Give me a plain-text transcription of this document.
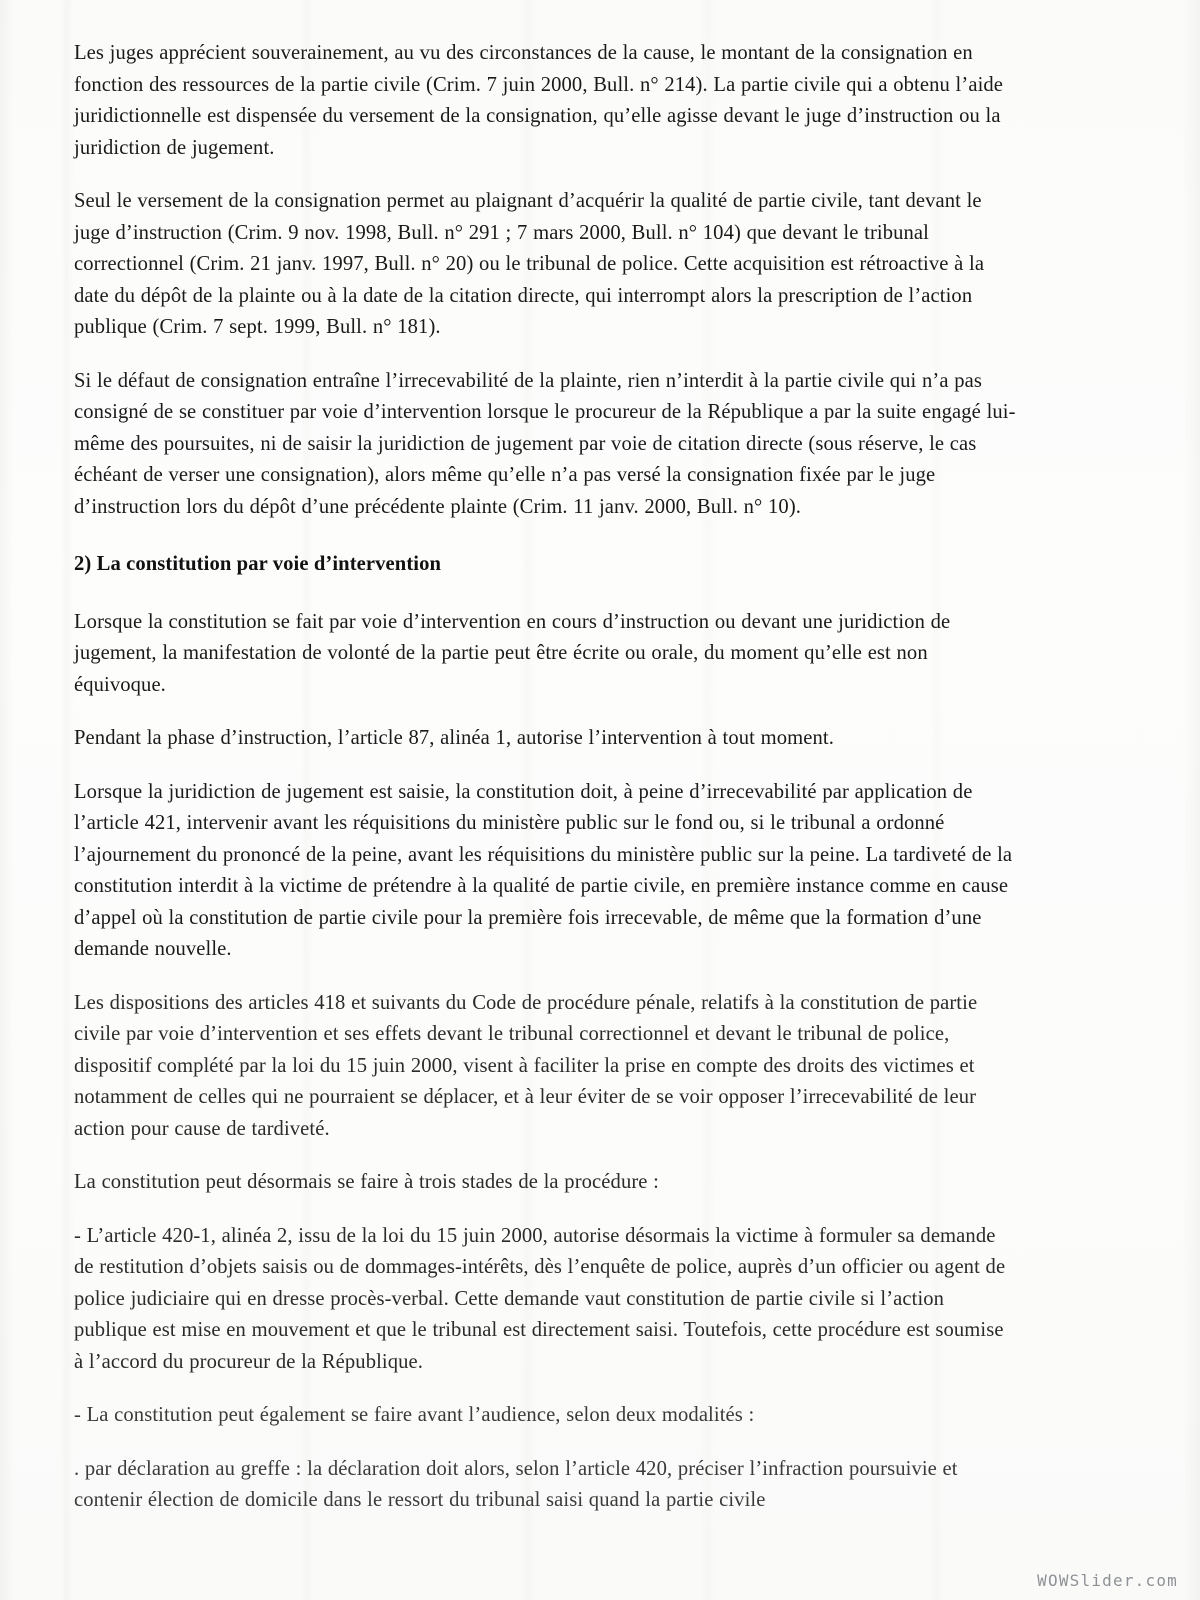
Les juges apprécient souverainement, au vu des circonstances de la cause, le montant de la consignation en fonction des ressources de la partie civile (Crim. 7 juin 2000, Bull. n° 214). La partie civile qui a obtenu l’aide juridictionnelle est dispensée du versement de la consignation, qu’elle agisse devant le juge d’instruction ou la juridiction de jugement.

Seul le versement de la consignation permet au plaignant d’acquérir la qualité de partie civile, tant devant le juge d’instruction (Crim. 9 nov. 1998, Bull. n° 291 ; 7 mars 2000, Bull. n° 104) que devant le tribunal correctionnel (Crim. 21 janv. 1997, Bull. n° 20) ou le tribunal de police. Cette acquisition est rétroactive à la date du dépôt de la plainte ou à la date de la citation directe, qui interrompt alors la prescription de l’action publique (Crim. 7 sept. 1999, Bull. n° 181).

Si le défaut de consignation entraîne l’irrecevabilité de la plainte, rien n’interdit à la partie civile qui n’a pas consigné de se constituer par voie d’intervention lorsque le procureur de la République a par la suite engagé lui-même des poursuites, ni de saisir la juridiction de jugement par voie de citation directe (sous réserve, le cas échéant de verser une consignation), alors même qu’elle n’a pas versé la consignation fixée par le juge d’instruction lors du dépôt d’une précédente plainte (Crim. 11 janv. 2000, Bull. n° 10).

2) La constitution par voie d’intervention

Lorsque la constitution se fait par voie d’intervention en cours d’instruction ou devant une juridiction de jugement, la manifestation de volonté de la partie peut être écrite ou orale, du moment qu’elle est non équivoque.

Pendant la phase d’instruction, l’article 87, alinéa 1, autorise l’intervention à tout moment.

Lorsque la juridiction de jugement est saisie, la constitution doit, à peine d’irrecevabilité par application de l’article 421, intervenir avant les réquisitions du ministère public sur le fond ou, si le tribunal a ordonné l’ajournement du prononcé de la peine, avant les réquisitions du ministère public sur la peine. La tardiveté de la constitution interdit à la victime de prétendre à la qualité de partie civile, en première instance comme en cause d’appel où la constitution de partie civile pour la première fois irrecevable, de même que la formation d’une demande nouvelle.

Les dispositions des articles 418 et suivants du Code de procédure pénale, relatifs à la constitution de partie civile par voie d’intervention et ses effets devant le tribunal correctionnel et devant le tribunal de police, dispositif complété par la loi du 15 juin 2000, visent à faciliter la prise en compte des droits des victimes et notamment de celles qui ne pourraient se déplacer, et à leur éviter de se voir opposer l’irrecevabilité de leur action pour cause de tardiveté.

La constitution peut désormais se faire à trois stades de la procédure :

- L’article 420-1, alinéa 2, issu de la loi du 15 juin 2000, autorise désormais la victime à formuler sa demande de restitution d’objets saisis ou de dommages-intérêts, dès l’enquête de police, auprès d’un officier ou agent de police judiciaire qui en dresse procès-verbal. Cette demande vaut constitution de partie civile si l’action publique est mise en mouvement et que le tribunal est directement saisi. Toutefois, cette procédure est soumise à l’accord du procureur de la République.

- La constitution peut également se faire avant l’audience, selon deux modalités :

. par déclaration au greffe : la déclaration doit alors, selon l’article 420, préciser l’infraction poursuivie et contenir élection de domicile dans le ressort du tribunal saisi quand la partie civile

WOWSlider.com
